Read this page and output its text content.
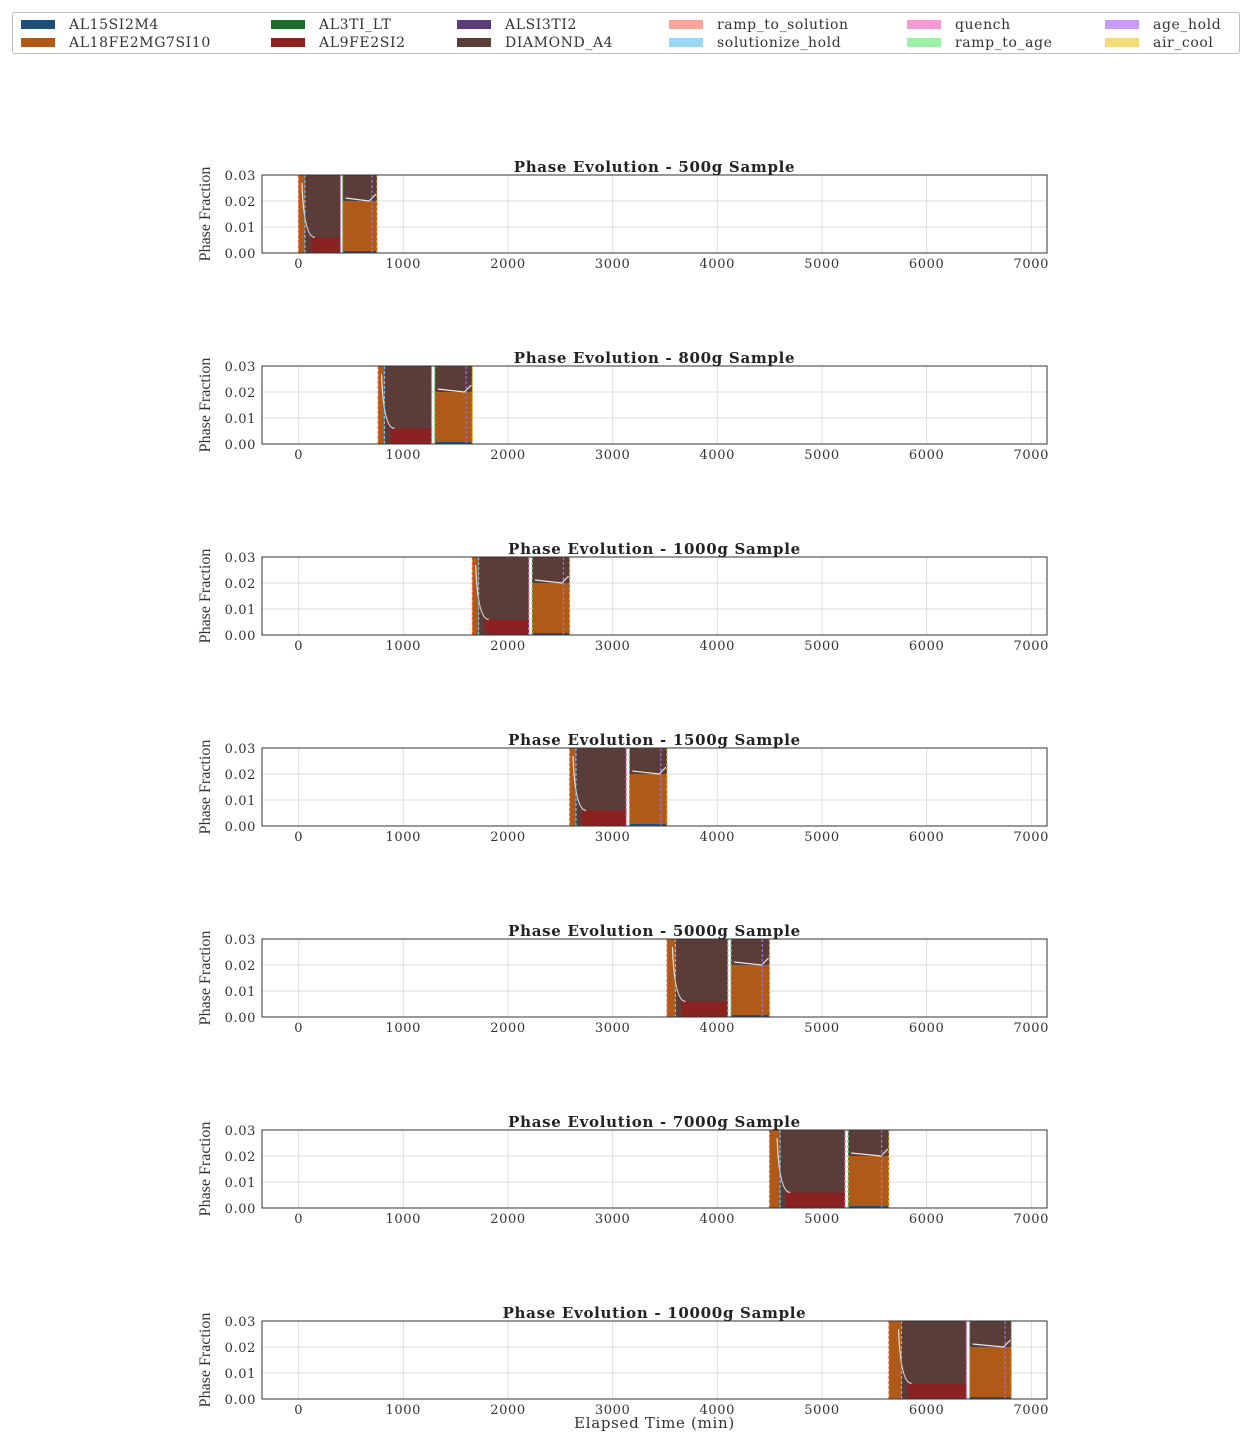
AL15SI2M4
AL18FE2MG7SI10
AL3TI_LT
AL9FE2SI2
ALSI3TI2
DIAMOND_A4
ramp_to_solution
solutionize_hold
quench
ramp_to_age
age_hold
air_cool
0.00
0.01
0.02
0.03
0	1000	2000	3000	4000	5000	6000	7000
Phase Evolution - 500g Sample
Phase Fraction
0.00
0.01
0.02
0.03
0	1000	2000	3000	4000	5000	6000	7000
Phase Evolution - 800g Sample
Phase Fraction
0.00
0.01
0.02
0.03
0	1000	2000	3000	4000	5000	6000	7000
Phase Evolution - 1000g Sample
Phase Fraction
0.00
0.01
0.02
0.03
0	1000	2000	3000	4000	5000	6000	7000
Phase Evolution - 1500g Sample
Phase Fraction
0.00
0.01
0.02
0.03
0	1000	2000	3000	4000	5000	6000	7000
Phase Evolution - 5000g Sample
Phase Fraction
0.00
0.01
0.02
0.03
0	1000	2000	3000	4000	5000	6000	7000
Phase Evolution - 7000g Sample
Phase Fraction
0.00
0.01
0.02
0.03
0	1000	2000	3000	4000	5000	6000	7000
Phase Evolution - 10000g Sample
Phase Fraction
Elapsed Time (min)
